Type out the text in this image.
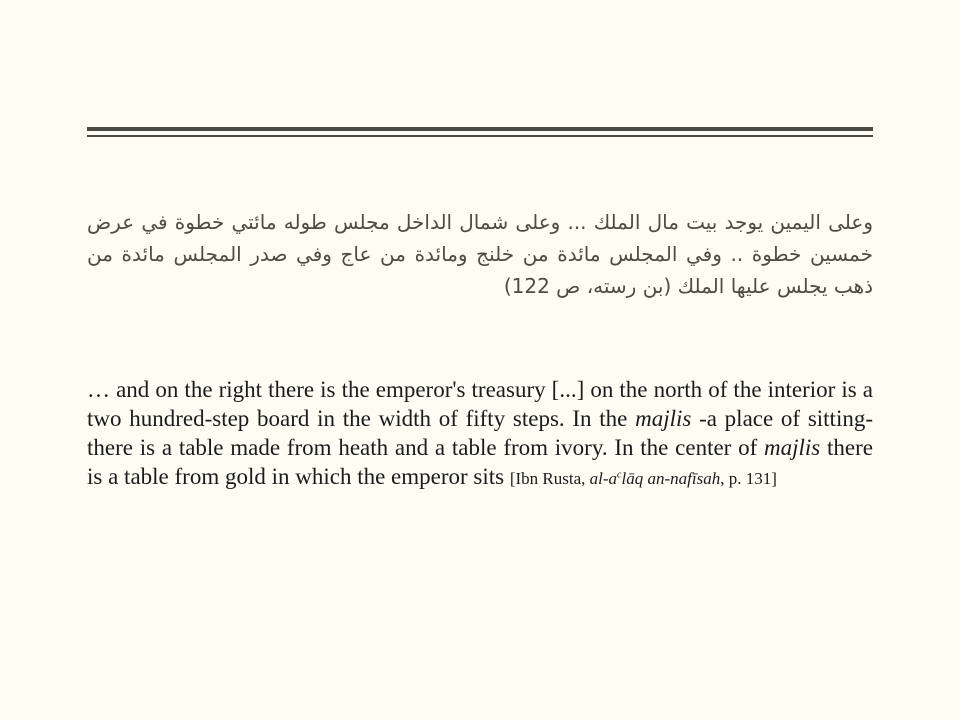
وعلى اليمين يوجد بيت مال الملك ... وعلى شمال الداخل مجلس طوله مائتي خطوة في عرض خمسين خطوة .. وفي المجلس مائدة من خلنج ومائدة من عاج وفي صدر المجلس مائدة من ذهب يجلس عليها الملك (بن رسته، ص 122)
… and on the right there is the emperor's treasury [...] on the north of the interior is a two hundred-step board in the width of fifty steps. In the majlis -a place of sitting- there is a table made from heath and a table from ivory. In the center of majlis there is a table from gold in which the emperor sits [Ibn Rusta, $al-a^clāq$ an-nafīsah, p. 131]
